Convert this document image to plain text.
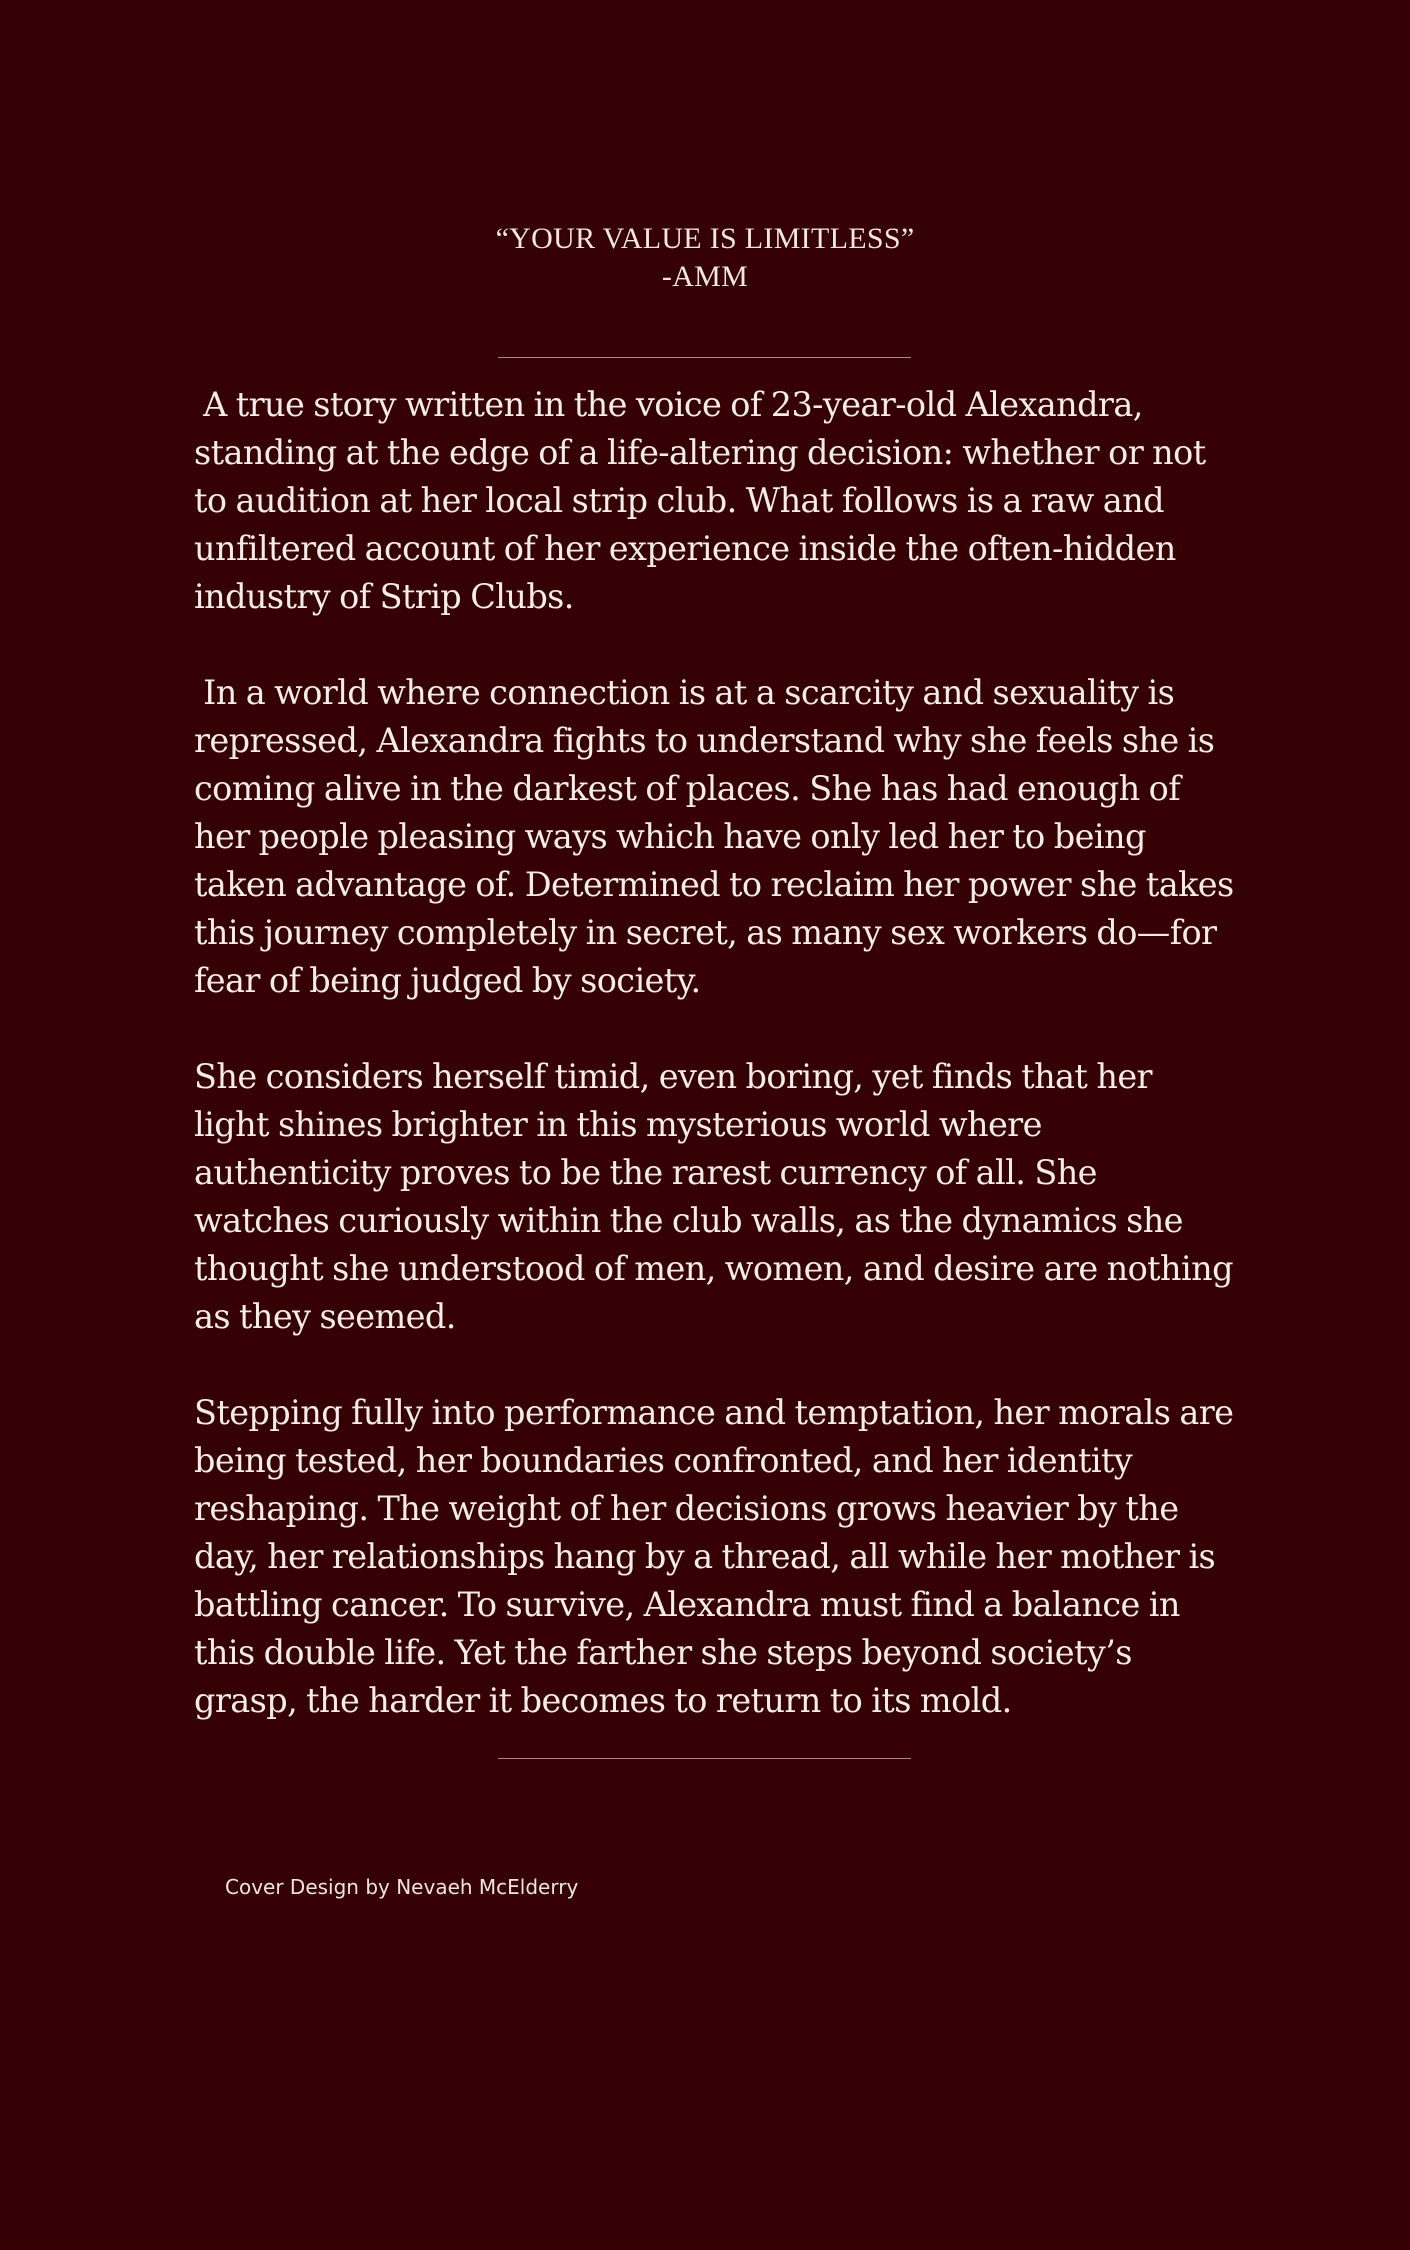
“YOUR VALUE IS LIMITLESS”
-AMM

A true story written in the voice of 23-year-old Alexandra, standing at the edge of a life-altering decision: whether or not to audition at her local strip club. What follows is a raw and unfiltered account of her experience inside the often-hidden industry of Strip Clubs.

In a world where connection is at a scarcity and sexuality is repressed, Alexandra fights to understand why she feels she is coming alive in the darkest of places. She has had enough of her people pleasing ways which have only led her to being taken advantage of. Determined to reclaim her power she takes this journey completely in secret, as many sex workers do—for fear of being judged by society.

She considers herself timid, even boring, yet finds that her light shines brighter in this mysterious world where authenticity proves to be the rarest currency of all. She watches curiously within the club walls, as the dynamics she thought she understood of men, women, and desire are nothing as they seemed.

Stepping fully into performance and temptation, her morals are being tested, her boundaries confronted, and her identity reshaping. The weight of her decisions grows heavier by the day, her relationships hang by a thread, all while her mother is battling cancer. To survive, Alexandra must find a balance in this double life. Yet the farther she steps beyond society’s grasp, the harder it becomes to return to its mold.

Cover Design by Nevaeh McElderry
